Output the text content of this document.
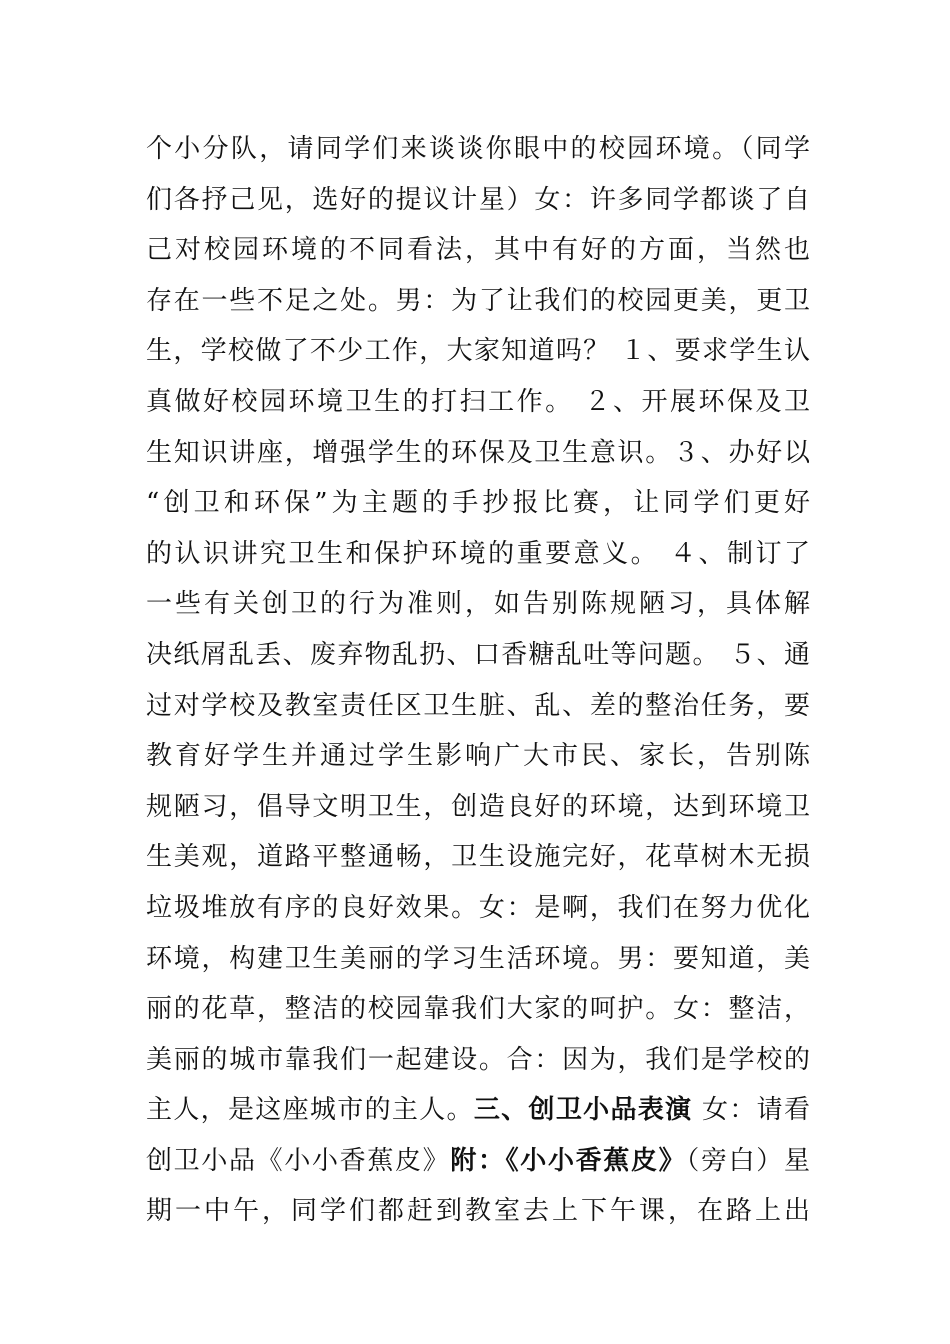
个小分队，请同学们来谈谈你眼中的校园环境。（同学
们各抒己见，选好的提议计星）女：许多同学都谈了自
己对校园环境的不同看法，其中有好的方面，当然也
存在一些不足之处。男：为了让我们的校园更美，更卫
生，学校做了不少工作，大家知道吗？ １、要求学生认
真做好校园环境卫生的打扫工作。 ２、开展环保及卫
生知识讲座，增强学生的环保及卫生意识。３、办好以
“创卫和环保”为主题的手抄报比赛，让同学们更好
的认识讲究卫生和保护环境的重要意义。 ４、制订了
一些有关创卫的行为准则，如告别陈规陋习，具体解
决纸屑乱丢、废弃物乱扔、口香糖乱吐等问题。 ５、通
过对学校及教室责任区卫生脏、乱、差的整治任务，要
教育好学生并通过学生影响广大市民、家长，告别陈
规陋习，倡导文明卫生，创造良好的环境，达到环境卫
生美观，道路平整通畅，卫生设施完好，花草树木无损
垃圾堆放有序的良好效果。女：是啊，我们在努力优化
环境，构建卫生美丽的学习生活环境。男：要知道，美
丽的花草，整洁的校园靠我们大家的呵护。女：整洁，
美丽的城市靠我们一起建设。合：因为，我们是学校的
主人，是这座城市的主人。三、创卫小品表演 女：请看
创卫小品《小小香蕉皮》附：《小小香蕉皮》（旁白）星
期一中午，同学们都赶到教室去上下午课，在路上出
